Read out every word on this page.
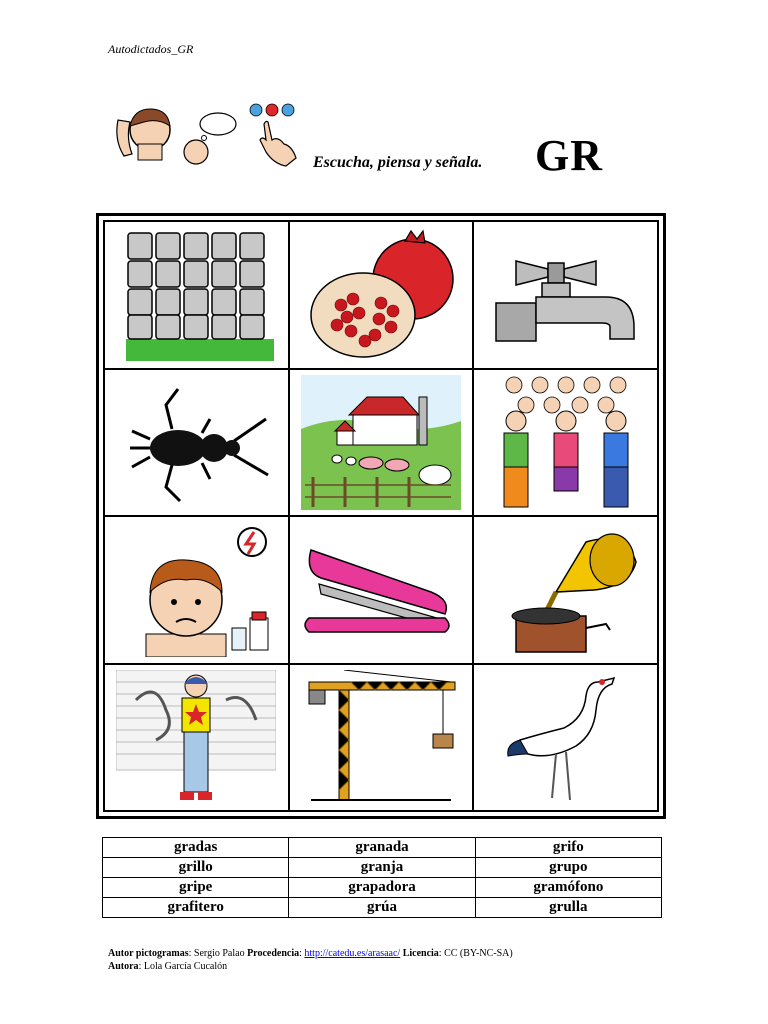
Autodictados_GR
Escucha, piensa y señala. GR
gradas	granada	grifo
grillo	granja	grupo
gripe	grapadora	gramófono
grafitero	grúa	grulla
Autor pictogramas: Sergio Palao Procedencia: http://catedu.es/arasaac/ Licencia: CC (BY-NC-SA)
Autora: Lola García Cucalón
